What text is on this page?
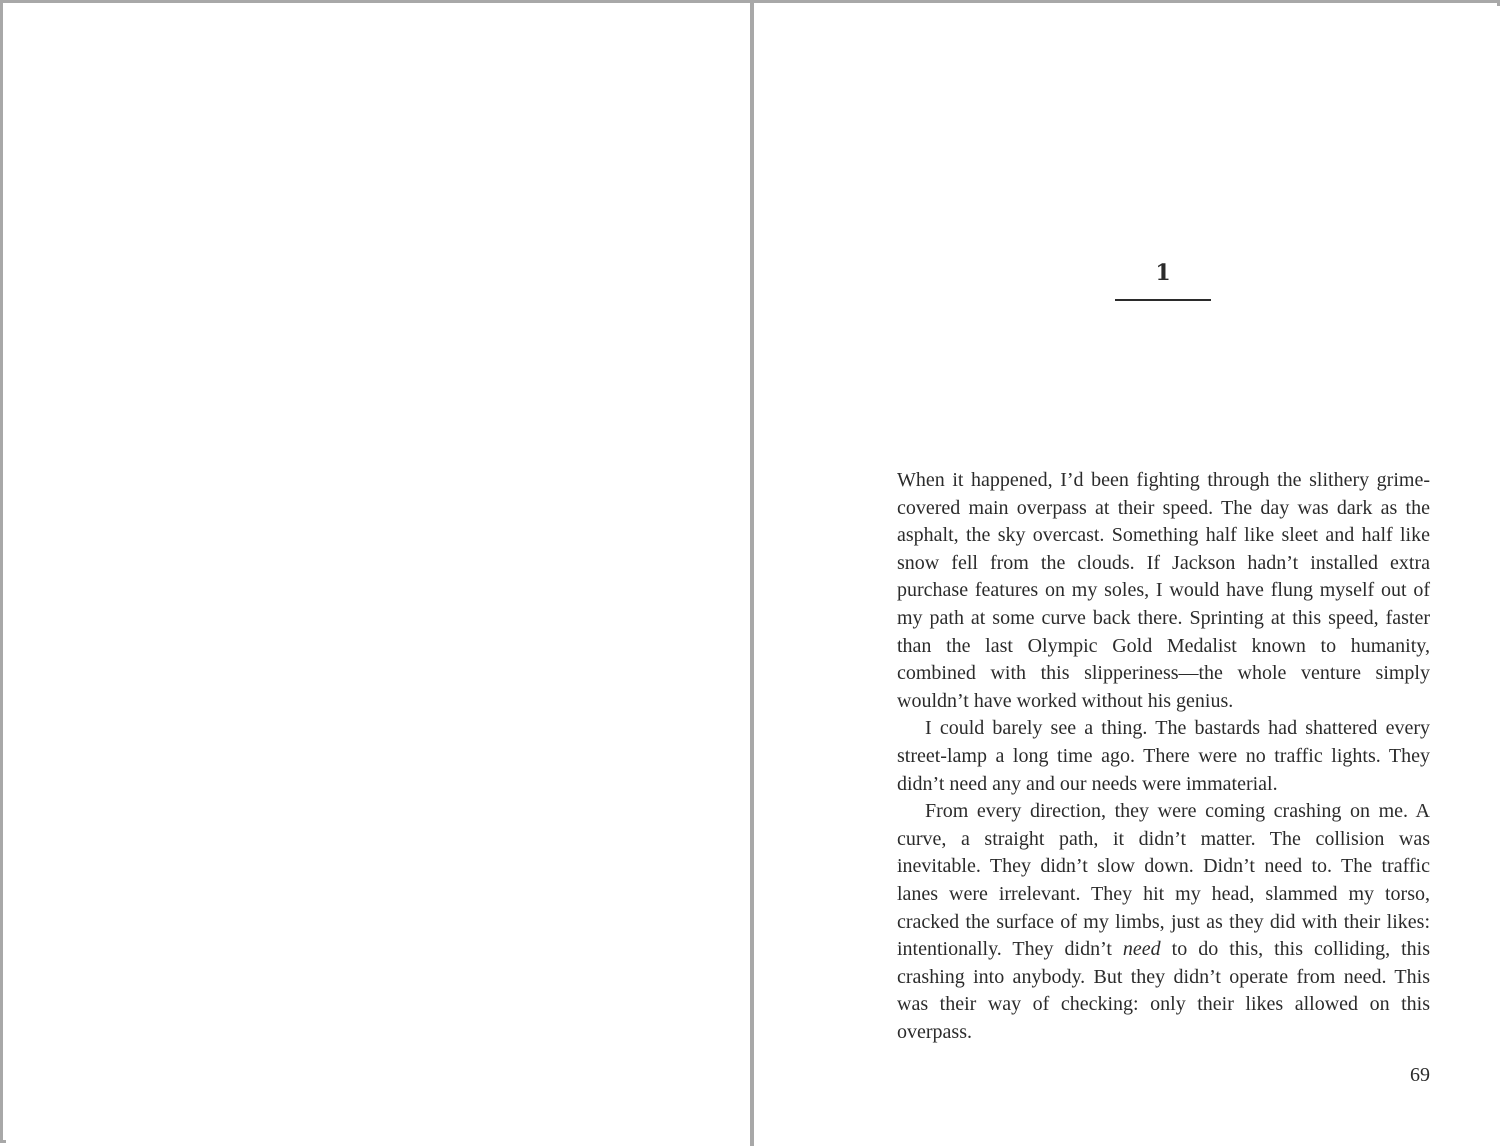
1

When it happened, I’d been fighting through the slithery grime-covered main overpass at their speed. The day was dark as the asphalt, the sky overcast. Something half like sleet and half like snow fell from the clouds. If Jackson hadn’t installed extra purchase features on my soles, I would have flung myself out of my path at some curve back there. Sprinting at this speed, faster than the last Olympic Gold Medalist known to humanity, combined with this slipperiness—the whole venture simply wouldn’t have worked without his genius.

I could barely see a thing. The bastards had shattered every street-lamp a long time ago. There were no traffic lights. They didn’t need any and our needs were immaterial.

From every direction, they were coming crashing on me. A curve, a straight path, it didn’t matter. The collision was inevitable. They didn’t slow down. Didn’t need to. The traffic lanes were irrelevant. They hit my head, slammed my torso, cracked the surface of my limbs, just as they did with their likes: intentionally. They didn’t need to do this, this colliding, this crashing into anybody. But they didn’t operate from need. This was their way of checking: only their likes allowed on this overpass.

69
